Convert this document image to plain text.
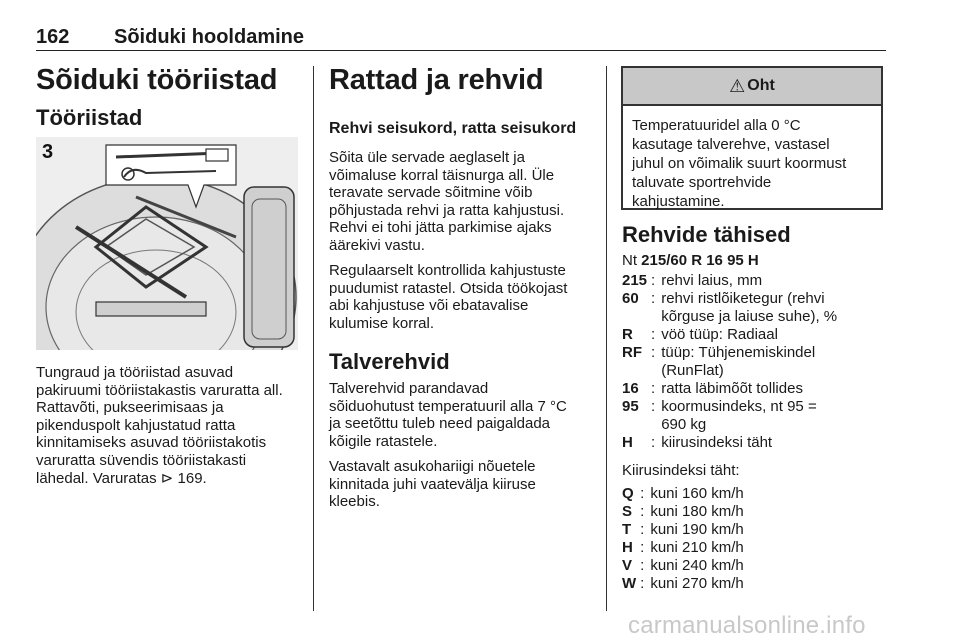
162 Sõiduki hooldamine
Sõiduki tööriistad
Tööriistad
3

Tungraud ja tööriistad asuvad

pakiruumi tööriistakastis varuratta all.

Rattavõti, pukseerimisaas ja

pikenduspolt kahjustatud ratta

kinnitamiseks asuvad tööriistakotis

varuratta süvendis tööriistakasti

lähedal. Varuratas ⊳ 169.

Rattad ja rehvid
Rehvi seisukord, ratta seisukord

Sõita üle servade aeglaselt ja

võimaluse korral täisnurga all. Üle

teravate servade sõitmine võib

põhjustada rehvi ja ratta kahjustusi.

Rehvi ei tohi jätta parkimise ajaks

äärekivi vastu.

Regulaarselt kontrollida kahjustuste

puudumist ratastel. Otsida töökojast

abi kahjustuse või ebatavalise

kulumise korral.

Talverehvid

Talverehvid parandavad

sõiduohutust temperatuuril alla 7 °C

ja seetõttu tuleb need paigaldada

kõigile ratastele.

Vastavalt asukohariigi nõuetele

kinnitada juhi vaatevälja kiiruse

kleebis.

⚠ Oht
Temperatuuridel alla 0 °C
kasutage talverehve, vastasel
juhul on võimalik suurt koormust
taluvate sportrehvide
kahjustamine.
Rehvide tähised
Nt 215/60 R 16 95 H
215	:	rehvi laius, mm
60	:	rehvi ristlõiketegur (rehvi
		kõrguse ja laiuse suhe), %
R	:	vöö tüüp: Radiaal
RF	:	tüüp: Tühjenemiskindel
		(RunFlat)
16	:	ratta läbimõõt tollides
95	:	koormusindeks, nt 95 =
		690 kg
H	:	kiirusindeksi täht
Kiirusindeksi täht:
Q	:	kuni 160 km/h
S	:	kuni 180 km/h
T	:	kuni 190 km/h
H	:	kuni 210 km/h
V	:	kuni 240 km/h
W	:	kuni 270 km/h
carmanualsonline.info
